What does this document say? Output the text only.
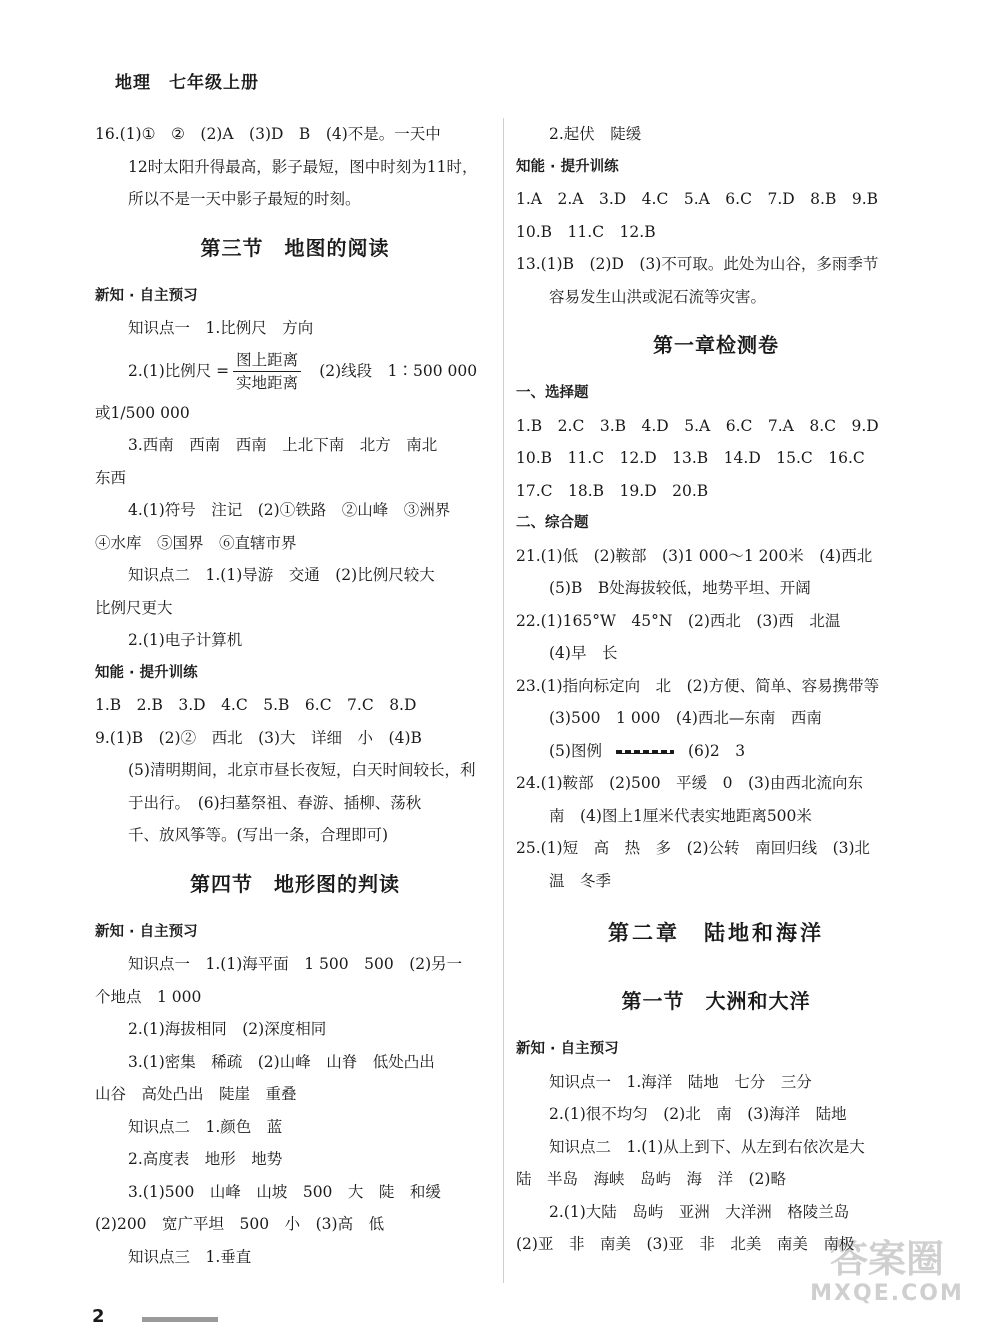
地理　七年级上册
16.(1)①　②　(2)A　(3)D　B　(4)不是。一天中
12时太阳升得最高，影子最短，图中时刻为11时，
所以不是一天中影子最短的时刻。
第三节　地图的阅读
新知 · 自主预习
知识点一　1.比例尺　方向
2.(1)比例尺 = $\frac{\text{图上距离}}{\text{实地距离}} (2)$线段　1∶500 000
或1/500 000
3.西南　西南　西南　上北下南　北方　南北
东西
4.(1)符号　注记　(2)①铁路　②山峰　③洲界
④水库　⑤国界　⑥直辖市界
知识点二　1.(1)导游　交通　(2)比例尺较大
比例尺更大
2.(1)电子计算机
知能 · 提升训练
1.B　2.B　3.D　4.C　5.B　6.C　7.C　8.D
9.(1)B　(2)②　西北　(3)大　详细　小　(4)B
(5)清明期间，北京市昼长夜短，白天时间较长，利
于出行。　(6)扫墓祭祖、春游、插柳、荡秋
千、放风筝等。(写出一条，合理即可)
第四节　地形图的判读
新知 · 自主预习
知识点一　1.(1)海平面　1 500　500　(2)另一
个地点　1 000
2.(1)海拔相同　(2)深度相同
3.(1)密集　稀疏　(2)山峰　山脊　低处凸出
山谷　高处凸出　陡崖　重叠
知识点二　1.颜色　蓝
2.高度表　地形　地势
3.(1)500　山峰　山坡　500　大　陡　和缓
(2)200　宽广平坦　500　小　(3)高　低
知识点三　1.垂直
2.起伏　陡缓
知能 · 提升训练
1.A　2.A　3.D　4.C　5.A　6.C　7.D　8.B　9.B
10.B　11.C　12.B
13.(1)B　(2)D　(3)不可取。此处为山谷，多雨季节
容易发生山洪或泥石流等灾害。
第一章检测卷
一、选择题
1.B　2.C　3.B　4.D　5.A　6.C　7.A　8.C　9.D
10.B　11.C　12.D　13.B　14.D　15.C　16.C
17.C　18.B　19.D　20.B
二、综合题
21.(1)低　(2)鞍部　(3)1 000～1 200米　(4)西北
(5)B　B处海拔较低，地势平坦、开阔
22.(1)165°W　45°N　(2)西北　(3)西　北温
(4)早　长
23.(1)指向标定向　北　(2)方便、简单、容易携带等
(3)500　1 000　(4)西北—东南　西南
(5)图例	(6)2　3
24.(1)鞍部　(2)500　平缓　0　(3)由西北流向东
南　(4)图上1厘米代表实地距离500米
25.(1)短　高　热　多　(2)公转　南回归线　(3)北
温　冬季
第二章　陆地和海洋
第一节　大洲和大洋
新知 · 自主预习
知识点一　1.海洋　陆地　七分　三分
2.(1)很不均匀　(2)北　南　(3)海洋　陆地
知识点二　1.(1)从上到下、从左到右依次是大
陆　半岛　海峡　岛屿　海　洋　(2)略
2.(1)大陆　岛屿　亚洲　大洋洲　格陵兰岛
(2)亚　非　南美　(3)亚　非　北美　南美　南极
2
答案圈
MXQE.COM
